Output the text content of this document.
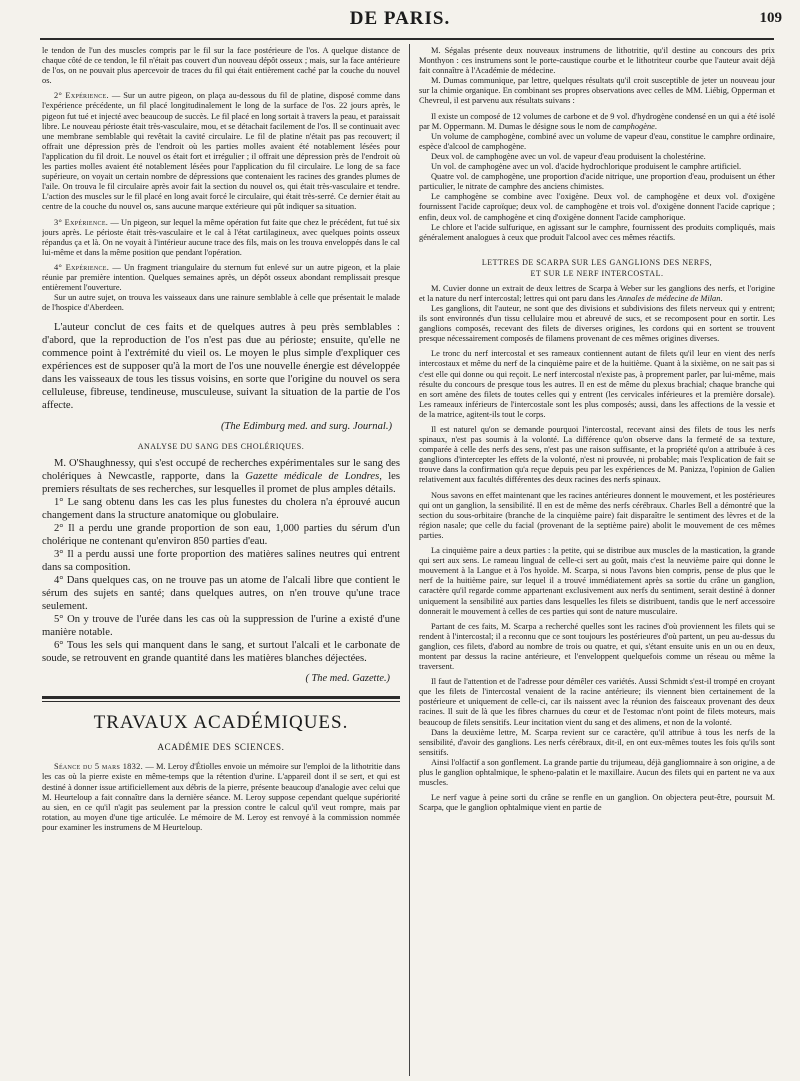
DE PARIS.	109

le tendon de l'un des muscles compris par le fil sur la face postérieure de l'os. A quelque distance de chaque côté de ce tendon, le fil n'était pas couvert d'un nouveau dépôt osseux ; mais, sur la face antérieure de l'os, on ne pouvait plus apercevoir de traces du fil qui était entièrement caché par la couche du nouvel os.

2° Expérience. — Sur un autre pigeon, on plaça au-dessous du fil de platine, disposé comme dans l'expérience précédente, un fil placé longitudinalement le long de la surface de l'os. 22 jours après, le pigeon fut tué et injecté avec beaucoup de succès. Le fil placé en long sortait à travers la peau, et paraissait libre. Le nouveau périoste était très-vasculaire, mou, et se détachait facilement de l'os. Il se continuait avec une membrane semblable qui revêtait la cavité circulaire. Le fil de platine n'était pas pas recouvert; il offrait une dépression près de l'endroit où les parties molles avaient été notablement lésées pour l'application du fil droit. Le nouvel os était fort et irrégulier ; il offrait une dépression près de l'endroit où les parties molles avaient été notablement lésées pour l'application du fil circulaire. Le long de sa face supérieure, on voyait un certain nombre de dépressions que contenaient les racines des grandes plumes de l'aile. On trouva le fil circulaire après avoir fait la section du nouvel os, qui était très-vasculaire et tendre. L'action des muscles sur le fil placé en long avait forcé le circulaire, qui était très-serré. Ce dernier était au centre de la couche du nouvel os, sans aucune marque extérieure qui pût indiquer sa situation.

3° Expérience. — Un pigeon, sur lequel la même opération fut faite que chez le précédent, fut tué six jours après. Le périoste était très-vasculaire et le cal à l'état cartilagineux, avec quelques points osseux répandus ça et là. On ne voyait à l'intérieur aucune trace des fils, mais on les trouva enveloppés dans le cal lui-même et dans la même position que pendant l'opération.

4° Expérience. — Un fragment triangulaire du sternum fut enlevé sur un autre pigeon, et la plaie réunie par première intention. Quelques semaines après, un dépôt osseux abondant remplissait presque entièrement l'ouverture.

Sur un autre sujet, on trouva les vaisseaux dans une rainure semblable à celle que présentait le malade de l'hospice d'Aberdeen.

L'auteur conclut de ces faits et de quelques autres à peu près semblables : d'abord, que la reproduction de l'os n'est pas due au périoste; ensuite, qu'elle ne commence point à l'extrémité du vieil os. Le moyen le plus simple d'expliquer ces expériences est de supposer qu'à la mort de l'os une nouvelle énergie est développée dans les vaisseaux de tous les tissus voisins, en sorte que l'origine du nouvel os sera celluleuse, fibreuse, tendineuse, musculeuse, suivant la situation de la partie de l'os affecte.

(The Edimburg med. and surg. Journal.)
ANALYSE DU SANG DES CHOLÉRIQUES.

M. O'Shaughnessy, qui s'est occupé de recherches expérimentales sur le sang des cholériques à Newcastle, rapporte, dans la Gazette médicale de Londres, les premiers résultats de ses recherches, sur lesquelles il promet de plus amples détails.

1° Le sang obtenu dans les cas les plus funestes du cholera n'a éprouvé aucun changement dans la structure anatomique ou globulaire.

2° Il a perdu une grande proportion de son eau, 1,000 parties du sérum d'un cholérique ne contenant qu'environ 850 parties d'eau.

3° Il a perdu aussi une forte proportion des matières salines neutres qui entrent dans sa composition.

4° Dans quelques cas, on ne trouve pas un atome de l'alcali libre que contient le sérum des sujets en santé; dans quelques autres, on n'en trouve qu'une trace seulement.

5° On y trouve de l'urée dans les cas où la suppression de l'urine a existé d'une manière notable.

6° Tous les sels qui manquent dans le sang, et surtout l'alcali et le carbonate de soude, se retrouvent en grande quantité dans les matières blanches déjectées.

( The med. Gazette.)
TRAVAUX ACADÉMIQUES.
ACADÉMIE DES SCIENCES.

Séance du 5 mars 1832. — M. Leroy d'Étiolles envoie un mémoire sur l'emploi de la lithotritie dans les cas où la pierre existe en même-temps que la rétention d'urine. L'appareil dont il se sert, et qui est destiné à donner issue artificiellement aux débris de la pierre, présente beaucoup d'analogie avec celui que M. Heurteloup a fait connaître dans la dernière séance. M. Leroy suppose cependant quelque supériorité au sien, en ce qu'il n'agit pas seulement par la pression contre le calcul qu'il veut rompre, mais par rotation, au moyen d'une tige articulée. Le mémoire de M. Leroy est renvoyé à la commission nommée pour examiner les instrumens de M Heurteloup.

M. Ségalas présente deux nouveaux instrumens de lithotritie, qu'il destine au concours des prix Monthyon : ces instrumens sont le porte-caustique courbe et le lithotriteur courbe que l'auteur avait déjà fait connaître à l'Académie de médecine.

M. Dumas communique, par lettre, quelques résultats qu'il croit susceptible de jeter un nouveau jour sur la chimie organique. En combinant ses propres observations avec celles de MM. Liébig, Opperman et Chevreul, il est parvenu aux résultats suivans :

Il existe un composé de 12 volumes de carbone et de 9 vol. d'hydrogène condensé en un qui a été isolé par M. Oppermann. M. Dumas le désigne sous le nom de camphogène.

Un volume de camphogène, combiné avec un volume de vapeur d'eau, constitue le camphre ordinaire, espèce d'alcool de camphogène.

Deux vol. de camphogène avec un vol. de vapeur d'eau produisent la cholestérine.

Un vol. de camphogène avec un vol. d'acide hydrochlorique produisent le camphre artificiel.

Quatre vol. de camphogène, une proportion d'acide nitrique, une proportion d'eau, produisent un éther particulier, le nitrate de camphre des anciens chimistes.

Le camphogène se combine avec l'oxigène. Deux vol. de camphogène et deux vol. d'oxigène fournissent l'acide caproïque; deux vol. de camphogène et trois vol. d'oxigène donnent l'acide caprique ; enfin, deux vol. de camphogène et cinq d'oxigène donnent l'acide camphorique.

Le chlore et l'acide sulfurique, en agissant sur le camphre, fournissent des produits compliqués, mais généralement analogues à ceux que produit l'alcool avec ces mêmes réactifs.

LETTRES DE SCARPA SUR LES GANGLIONS DES NERFS,
ET SUR LE NERF INTERCOSTAL.

M. Cuvier donne un extrait de deux lettres de Scarpa à Weber sur les ganglions des nerfs, et l'origine et la nature du nerf intercostal; lettres qui ont paru dans les Annales de médecine de Milan.

Les ganglions, dit l'auteur, ne sont que des divisions et subdivisions des filets nerveux qui y entrent; ils sont environnés d'un tissu cellulaire mou et abreuvé de sucs, et se recomposent pour en sortir. Les ganglions composés, recevant des filets de diverses origines, les cordons qui en sortent se trouvent presque nécessairement composés de filamens provenant de ces mêmes origines diverses.

Le tronc du nerf intercostal et ses rameaux contiennent autant de filets qu'il leur en vient des nerfs intercostaux et même du nerf de la cinquième paire et de la huitième. Quant à la sixième, on ne sait pas si c'est elle qui donne ou qui reçoit. Le nerf intercostal n'existe pas, à proprement parler, par lui-même, mais résulte du concours de presque tous les autres. Il en est de même du plexus brachial; chaque branche qui en sort amène des filets de toutes celles qui y entrent (les cervicales inférieures et la première dorsale). Les rameaux inférieurs de l'intercostale sont les plus composés; aussi, dans les affections de la vessie et de la matrice, agitent-ils tout le corps.

Il est naturel qu'on se demande pourquoi l'intercostal, recevant ainsi des filets de tous les nerfs spinaux, n'est pas soumis à la volonté. La différence qu'on observe dans la fermeté de sa texture, comparée à celle des nerfs des sens, n'est pas une raison suffisante, et la propriété qu'on a attribuée à ces ganglions d'intercepter les effets de la volonté, n'est ni prouvée, ni probable; mais l'explication de fait se trouve dans la confirmation qu'a reçue depuis peu par les expériences de M. Panizza, l'opinion de Galien relativement aux facultés différentes des deux racines des nerfs spinaux.

Nous savons en effet maintenant que les racines antérieures donnent le mouvement, et les postérieures qui ont un ganglion, la sensibilité. Il en est de même des nerfs cérébraux. Charles Bell a démontré que la section du sous-orbitaire (branche de la cinquième paire) fait disparaître le sentiment des lèvres et de la région nasale; que celle du facial (provenant de la septième paire) abolit le mouvement de ces mêmes parties.

La cinquième paire a deux parties : la petite, qui se distribue aux muscles de la mastication, la grande qui sert aux sens. Le rameau lingual de celle-ci sert au goût, mais c'est la neuvième paire qui donne le mouvement à la Langue et à l'os hyoïde. M. Scarpa, si nous l'avons bien compris, pense de plus que le nerf de la huitième paire, sur lequel il a trouvé immédiatement après sa sortie du crâne un ganglion, caractère qu'il regarde comme appartenant exclusivement aux nerfs du sentiment, serait destiné à donner uniquement la sensibilité aux parties dans lesquelles les filets se distribuent, tandis que le nerf accessoire donnerait le mouvement à celles de ces parties qui sont de nature musculaire.

Partant de ces faits, M. Scarpa a recherché quelles sont les racines d'où proviennent les filets qui se rendent à l'intercostal; il a reconnu que ce sont toujours les postérieures d'où partent, un peu au-dessus du ganglion, ces filets, d'abord au nombre de trois ou quatre, et qui, s'étant ensuite unis en un ou en deux, montent par dessus la racine antérieure, et l'enveloppent quelquefois comme un réseau ou même la traversent.

Il faut de l'attention et de l'adresse pour démêler ces variétés. Aussi Schmidt s'est-il trompé en croyant que les filets de l'intercostal venaient de la racine antérieure; ils viennent bien certainement de la postérieure et uniquement de celle-ci, car ils naissent avec la réunion des faisceaux provenant des deux racines. Il suit de là que les fibres charnues du cœur et de l'estomac n'ont point de filets moteurs, mais beaucoup de filets sensitifs. Leur incitation vient du sang et des alimens, et non de la volonté.

Dans la deuxième lettre, M. Scarpa revient sur ce caractère, qu'il attribue à tous les nerfs de la sensibilité, d'avoir des ganglions. Les nerfs cérébraux, dit-il, en ont eux-mêmes toutes les fois qu'ils sont sensitifs.

Ainsi l'olfactif a son gonflement. La grande partie du trijumeau, déjà gangliomnaire à son origine, a de plus le ganglion ophtalmique, le spheno-palatin et le maxillaire. Aucun des filets qui en partent ne va aux muscles.

Le nerf vague à peine sorti du crâne se renfle en un ganglion. On objectera peut-être, poursuit M. Scarpa, que le ganglion ophtalmique vient en partie de
